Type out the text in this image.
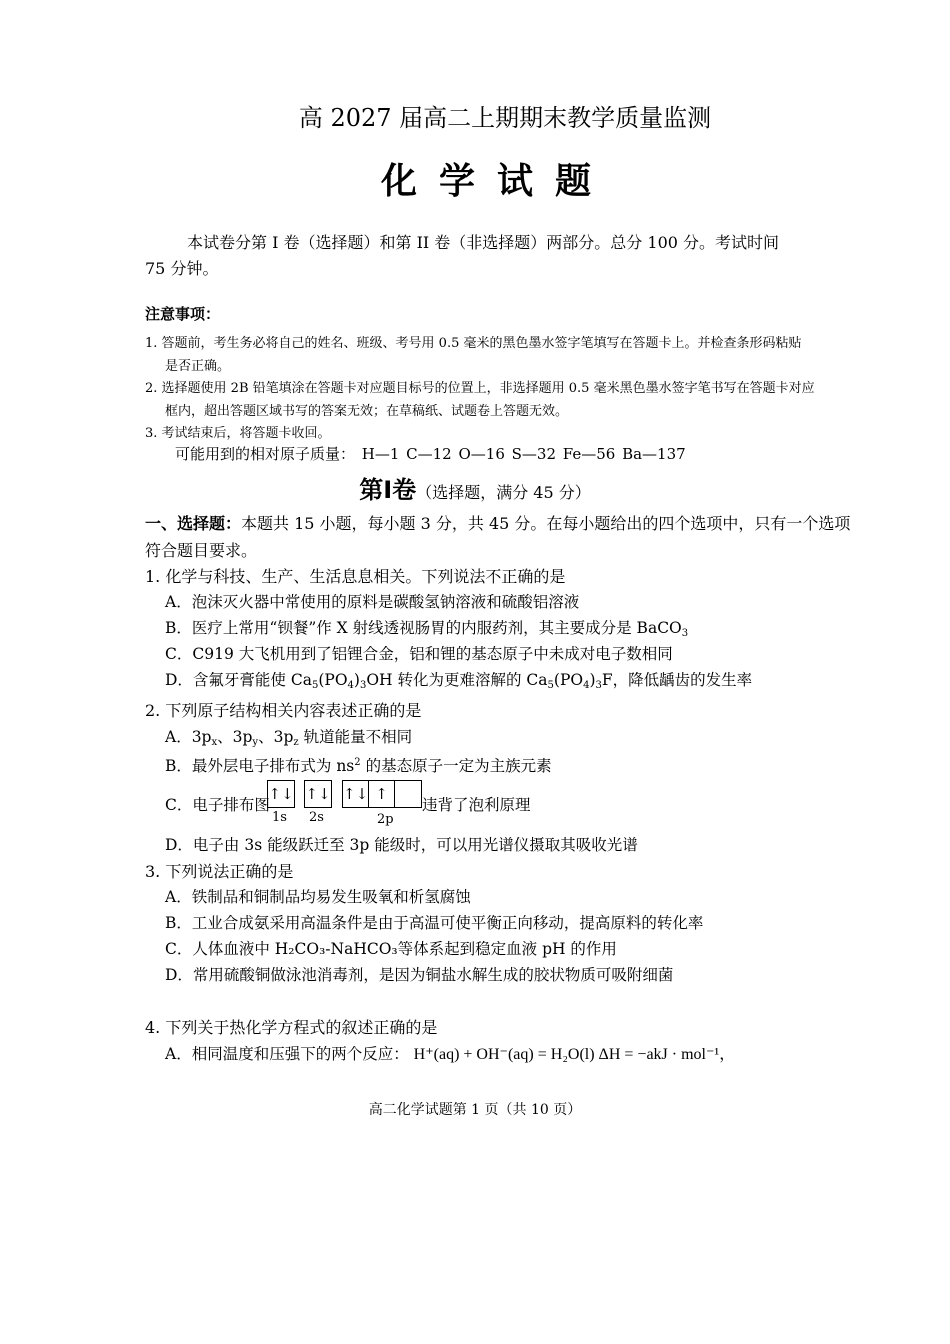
高 2027 届高二上期期末教学质量监测
化学试题
本试卷分第 I 卷（选择题）和第 II 卷（非选择题）两部分。总分 100 分。考试时间
75 分钟。
注意事项：
1. 答题前，考生务必将自己的姓名、班级、考号用 0.5 毫米的黑色墨水签字笔填写在答题卡上。并检查条形码粘贴
是否正确。
2. 选择题使用 2B 铅笔填涂在答题卡对应题目标号的位置上，非选择题用 0.5 毫米黑色墨水签字笔书写在答题卡对应
框内，超出答题区域书写的答案无效；在草稿纸、试题卷上答题无效。
3. 考试结束后，将答题卡收回。
可能用到的相对原子质量： H—1 C—12 O—16 S—32 Fe—56 Ba—137
第Ⅰ卷（选择题，满分 45 分）
一、选择题：本题共 15 小题，每小题 3 分，共 45 分。在每小题给出的四个选项中，只有一个选项
符合题目要求。
1. 化学与科技、生产、生活息息相关。下列说法不正确的是
A．泡沫灭火器中常使用的原料是碳酸氢钠溶液和硫酸铝溶液
B．医疗上常用“钡餐”作 X 射线透视肠胃的内服药剂，其主要成分是 BaCO$_3$
C．C919 大飞机用到了铝锂合金，铝和锂的基态原子中未成对电子数相同
D．含氟牙膏能使 $Ca_5(PO_4)_3OH$ 转化为更难溶解的 $Ca_5(PO_4)_3F$，降低龋齿的发生率
2. 下列原子结构相关内容表述正确的是
A．$3p_x$、$3p_y$、$3p_z$ 轨道能量不相同
B．最外层电子排布式为 $ns^2$ 的基态原子一定为主族元素
C．电子排布图
↑↓ ↑↓ ↑↓ ↑
1s 2s	2p
违背了泡利原理
D．电子由 3s 能级跃迁至 3p 能级时，可以用光谱仪摄取其吸收光谱
3. 下列说法正确的是
A．铁制品和铜制品均易发生吸氧和析氢腐蚀
B．工业合成氨采用高温条件是由于高温可使平衡正向移动，提高原料的转化率
C．人体血液中 H₂CO₃-NaHCO₃等体系起到稳定血液 pH 的作用
D．常用硫酸铜做泳池消毒剂，是因为铜盐水解生成的胶状物质可吸附细菌
4. 下列关于热化学方程式的叙述正确的是
A．相同温度和压强下的两个反应： H⁺(aq) + OH⁻(aq) = H₂O(l) ΔH = −akJ · mol⁻¹，
高二化学试题第 1 页（共 10 页）
